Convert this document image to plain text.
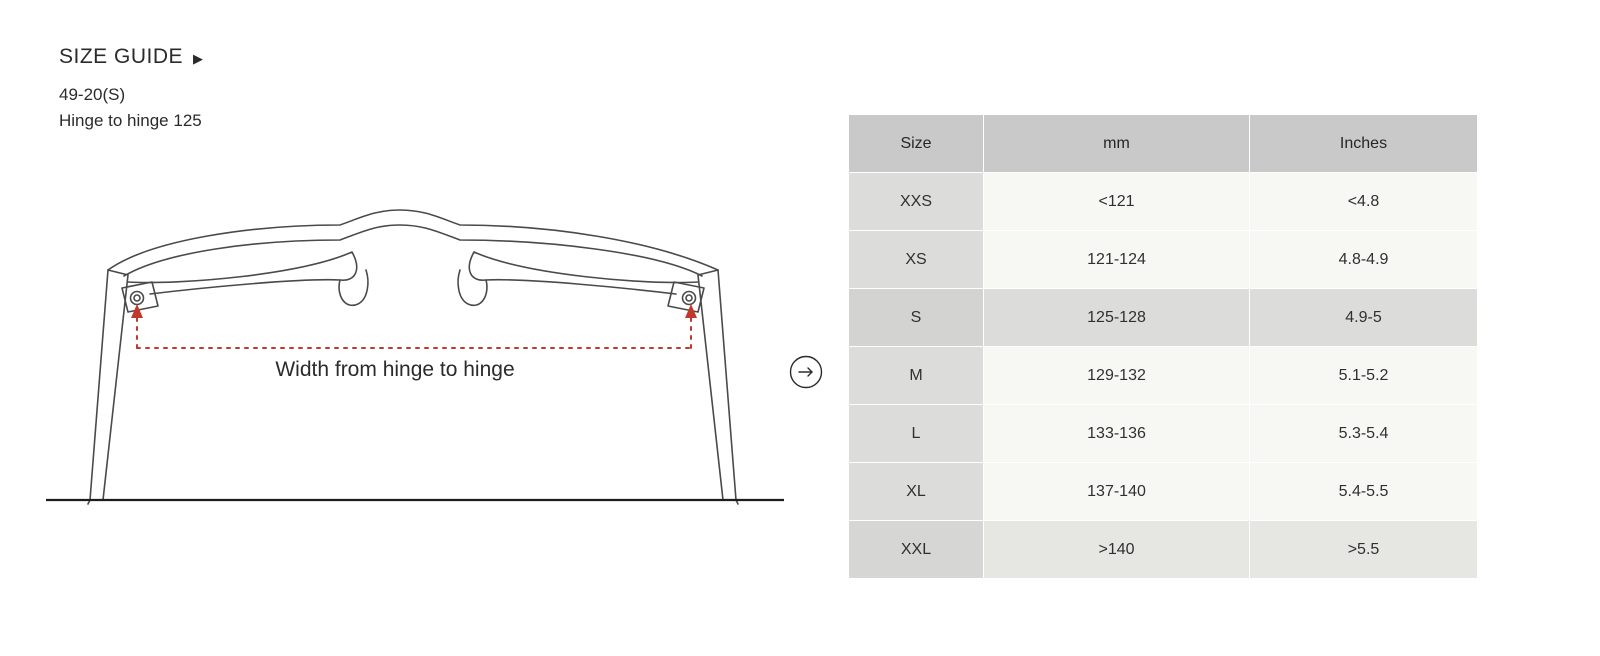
SIZE GUIDE ▶
49-20(S)
Hinge to hinge 125
Width from hinge to hinge
Size	mm	Inches
XXS	<121	<4.8
XS	121-124	4.8-4.9
S	125-128	4.9-5
M	129-132	5.1-5.2
L	133-136	5.3-5.4
XL	137-140	5.4-5.5
XXL	>140	>5.5
